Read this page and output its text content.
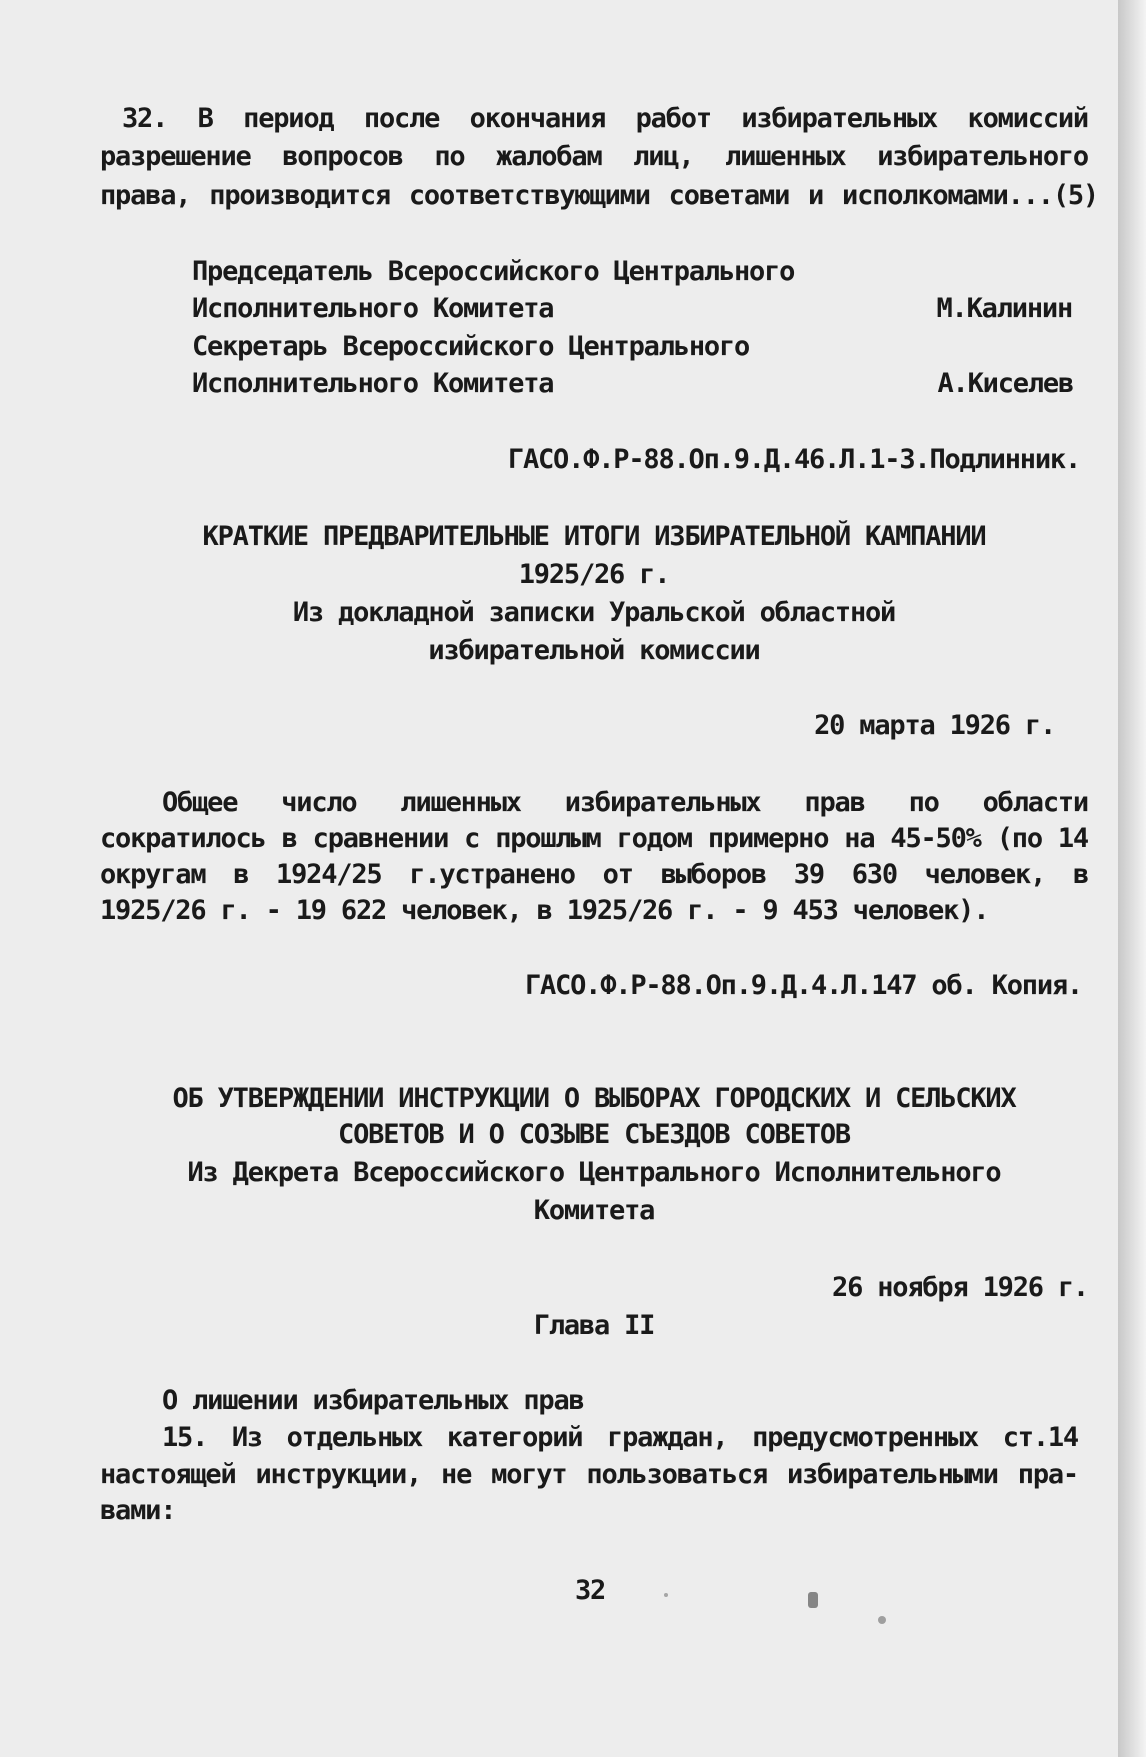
32. В период после окончания работ избирательных комиссий
разрешение вопросов по жалобам лиц, лишенных избирательного
права, производится соответствующими советами и исполкомами...(5)
Председатель Всероссийского Центрального
Исполнительного Комитета	М.Калинин
Секретарь Всероссийского Центрального
Исполнительного Комитета	А.Киселев
ГАСО.Ф.Р-88.Оп.9.Д.46.Л.1-3.Подлинник.
КРАТКИЕ ПРЕДВАРИТЕЛЬНЫЕ ИТОГИ ИЗБИРАТЕЛЬНОЙ КАМПАНИИ
1925/26 г.
Из докладной записки Уральской областной
избирательной комиссии
20 марта 1926 г.
Общее число лишенных избирательных прав по области
сократилось в сравнении с прошлым годом примерно на 45-50% (по 14
округам в 1924/25 г.устранено от выборов 39 630 человек, в
1925/26 г. - 19 622 человек, в 1925/26 г. - 9 453 человек).
ГАСО.Ф.Р-88.Оп.9.Д.4.Л.147 об. Копия.
ОБ УТВЕРЖДЕНИИ ИНСТРУКЦИИ О ВЫБОРАХ ГОРОДСКИХ И СЕЛЬСКИХ
СОВЕТОВ И О СОЗЫВЕ СЪЕЗДОВ СОВЕТОВ
Из Декрета Всероссийского Центрального Исполнительного
Комитета
26 ноября 1926 г.
Глава II
О лишении избирательных прав
15. Из отдельных категорий граждан, предусмотренных ст.14
настоящей инструкции, не могут пользоваться избирательными пра-
вами:
32
